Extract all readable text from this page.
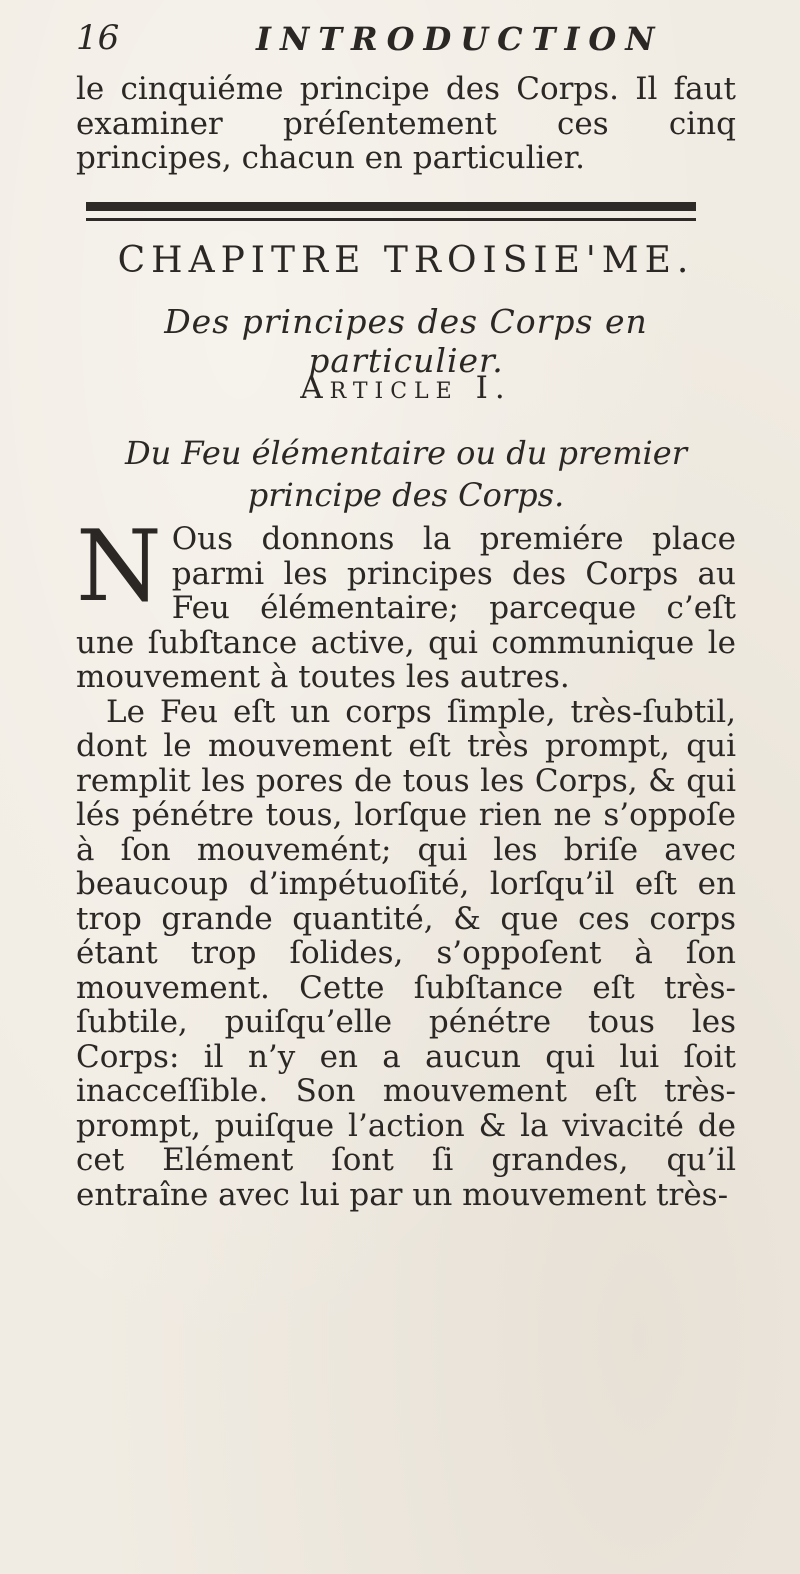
16	INTRODUCTION

le cinquiéme principe des Corps. Il faut examiner préſentement ces cinq principes, chacun en particulier.

CHAPITRE TROISIE'ME.
Des principes des Corps en particulier.
Article I.
Du Feu élémentaire ou du premier principe des Corps.

N Ous donnons la premiére place parmi les principes des Corps au Feu élémentaire; parceque c’eſt une ſubſtance active, qui communique le mouvement à toutes les autres.

Le Feu eſt un corps ſimple, très-ſubtil, dont le mouvement eſt très prompt, qui remplit les pores de tous les Corps, & qui lés pénétre tous, lorſque rien ne s’oppoſe à ſon mouvemént; qui les briſe avec beaucoup d’impétuoſité, lorſqu’il eſt en trop grande quantité, & que ces corps étant trop ſolides, s’oppoſent à ſon mouvement. Cette ſubſtance eſt très-ſubtile, puiſqu’elle pénétre tous les Corps: il n’y en a aucun qui lui ſoit inacceſſible. Son mouvement eſt très-prompt, puiſque l’action & la vivacité de cet Elément ſont ſi grandes, qu’il entraîne avec lui par un mouvement très-
